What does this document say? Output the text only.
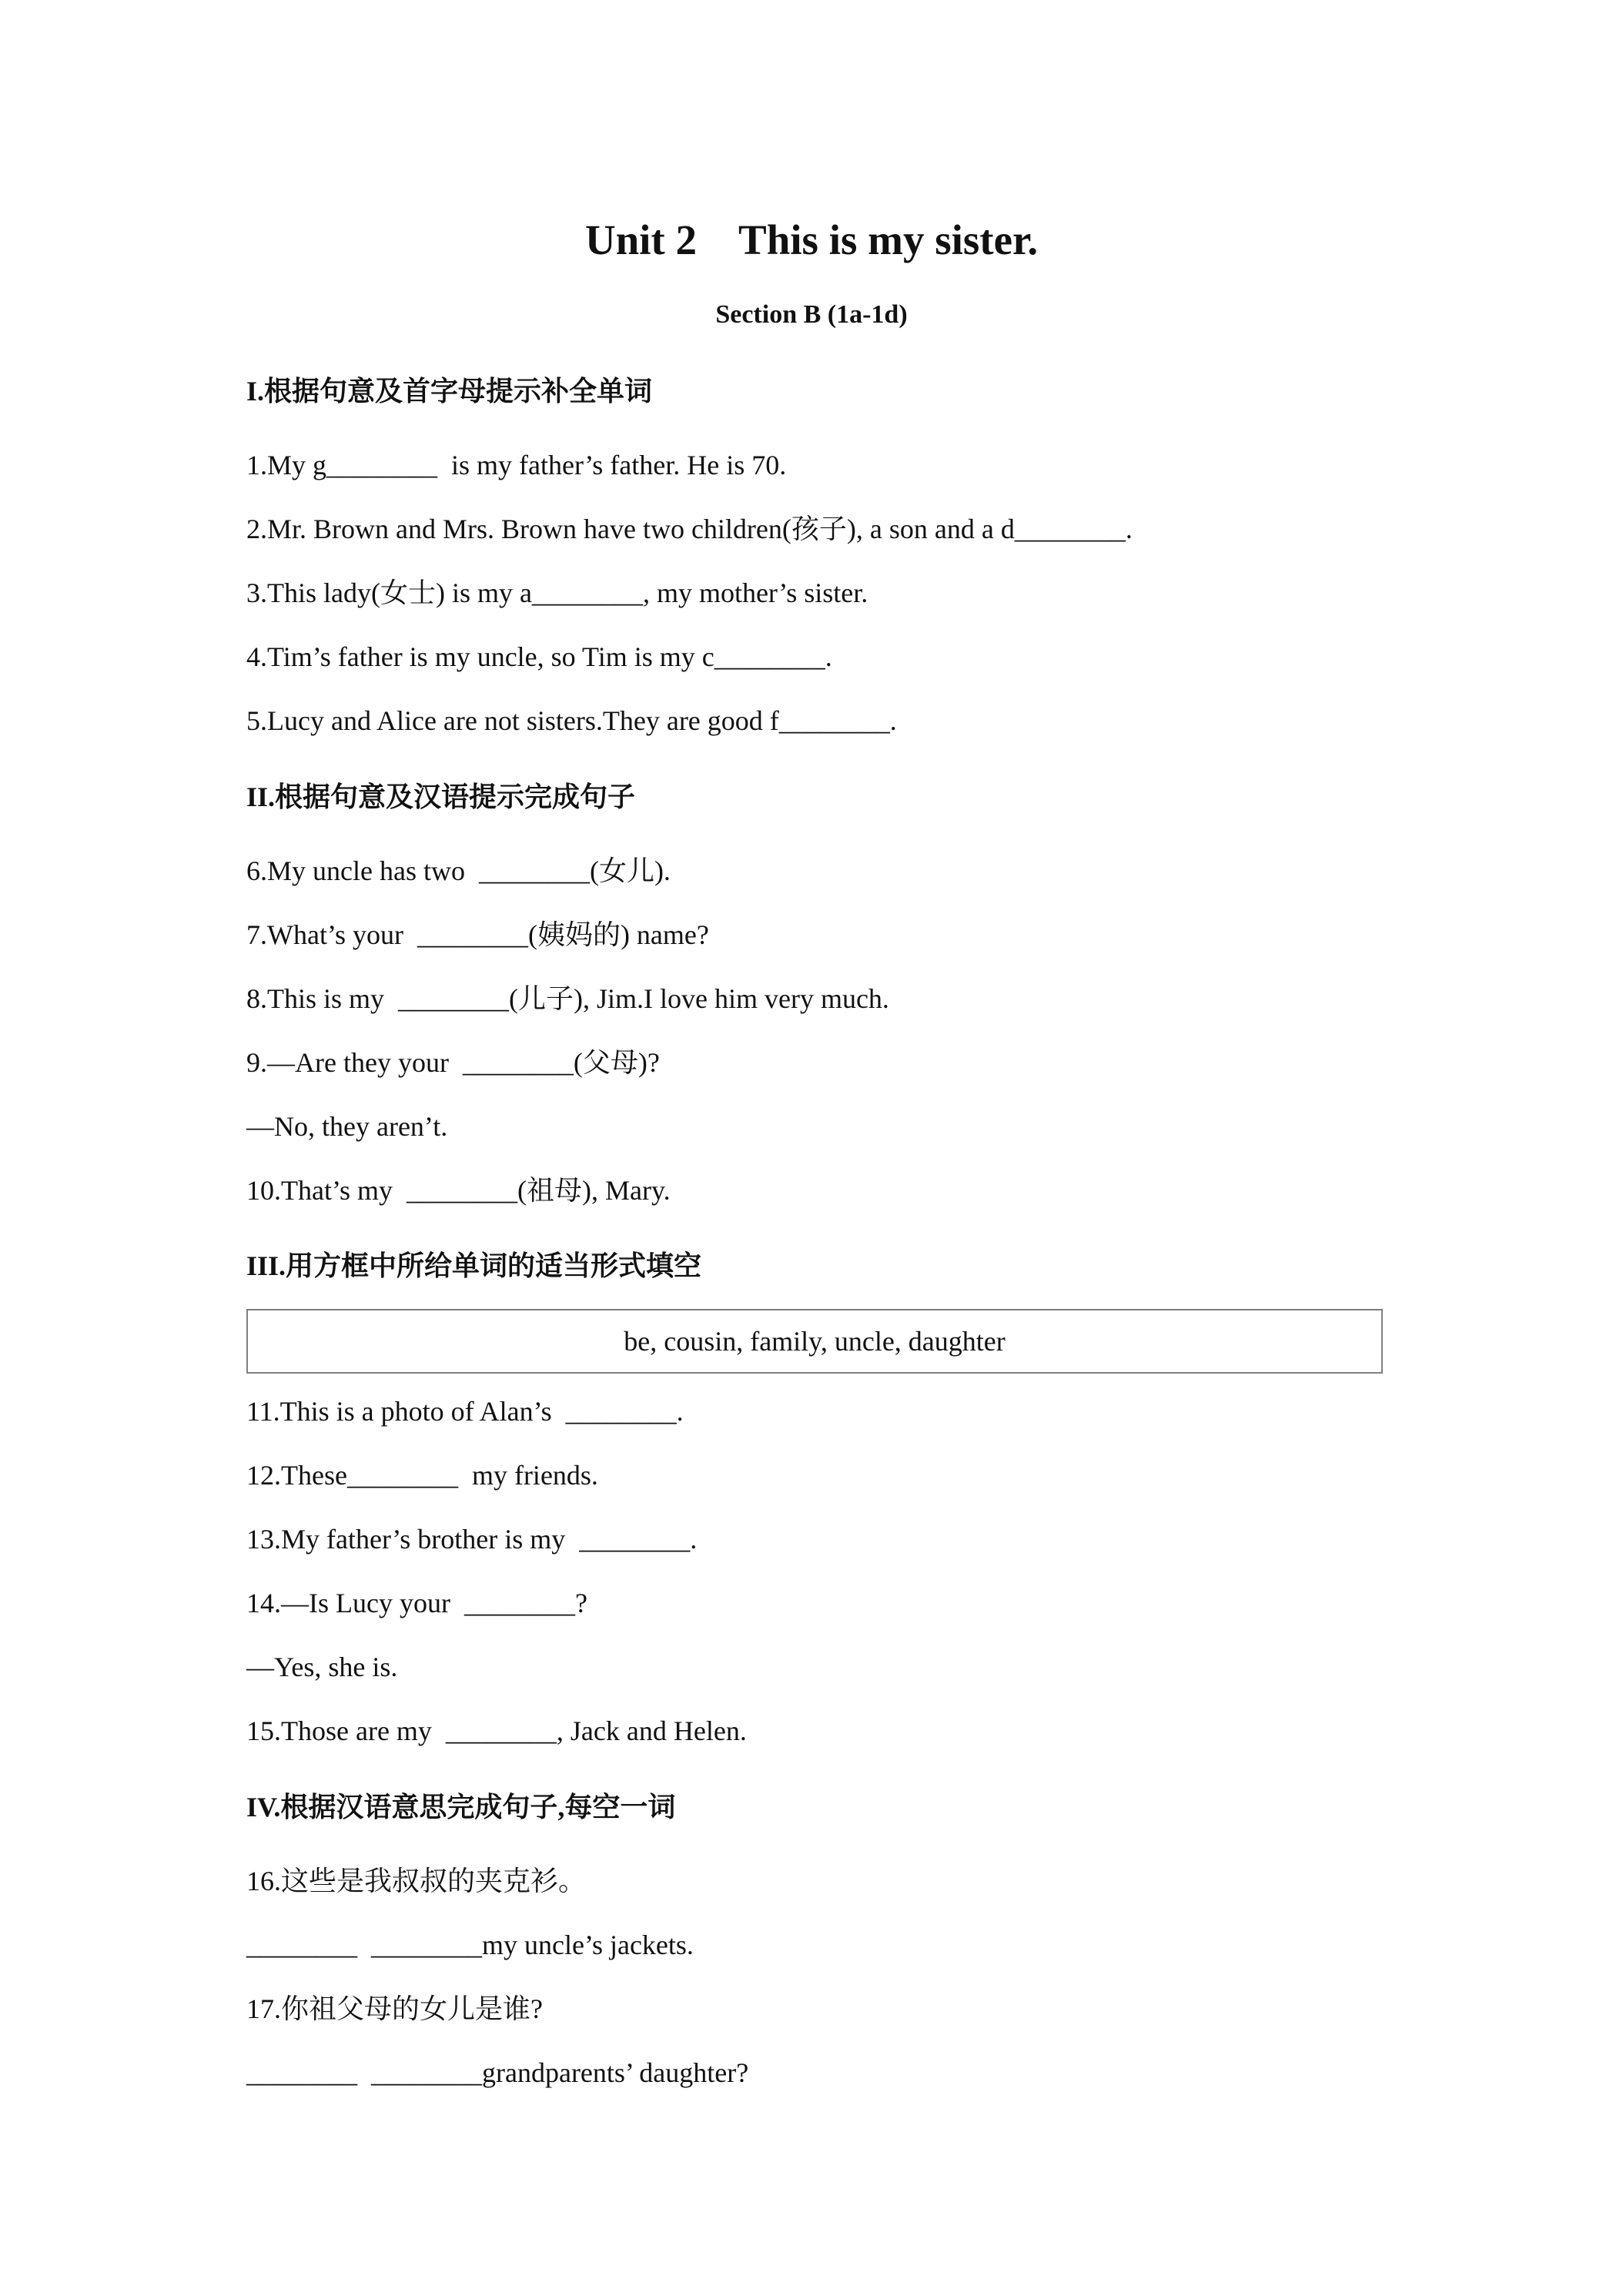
Unit 2    This is my sister.
Section B (1a-1d)
I.根据句意及首字母提示补全单词
1.My g________  is my father’s father. He is 70.
2.Mr. Brown and Mrs. Brown have two children(孩子), a son and a d________.
3.This lady(女士) is my a________, my mother’s sister.
4.Tim’s father is my uncle, so Tim is my c________.
5.Lucy and Alice are not sisters.They are good f________.
II.根据句意及汉语提示完成句子
6.My uncle has two  ________(女儿).
7.What’s your  ________(姨妈的) name?
8.This is my  ________(儿子), Jim.I love him very much.
9.—Are they your  ________(父母)?
—No, they aren’t.
10.That’s my  ________(祖母), Mary.
III.用方框中所给单词的适当形式填空
be, cousin, family, uncle, daughter
11.This is a photo of Alan’s  ________.
12.These________  my friends.
13.My father’s brother is my  ________.
14.—Is Lucy your  ________?
—Yes, she is.
15.Those are my  ________, Jack and Helen.
IV.根据汉语意思完成句子,每空一词
16.这些是我叔叔的夹克衫。
________  ________my uncle’s jackets.
17.你祖父母的女儿是谁?
________  ________grandparents’ daughter?
